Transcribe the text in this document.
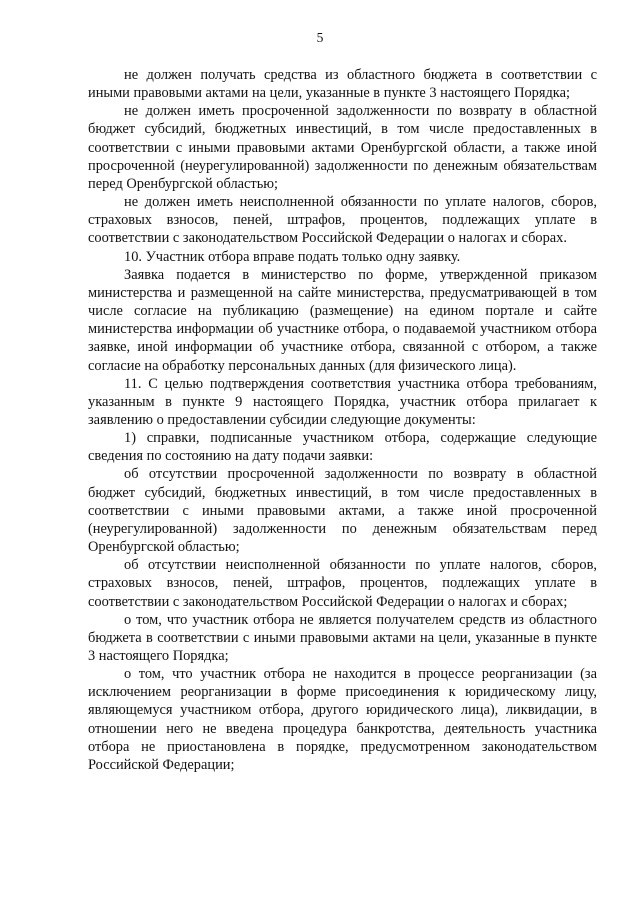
5

не должен получать средства из областного бюджета в соответствии с иными правовыми актами на цели, указанные в пункте 3 настоящего Порядка;

не должен иметь просроченной задолженности по возврату в областной бюджет субсидий, бюджетных инвестиций, в том числе предоставленных в соответствии с иными правовыми актами Оренбургской области, а также иной просроченной (неурегулированной) задолженности по денежным обязательствам перед Оренбургской областью;

не должен иметь неисполненной обязанности по уплате налогов, сборов, страховых взносов, пеней, штрафов, процентов, подлежащих уплате в соответствии с законодательством Российской Федерации о налогах и сборах.

10. Участник отбора вправе подать только одну заявку.

Заявка подается в министерство по форме, утвержденной приказом министерства и размещенной на сайте министерства, предусматривающей в том числе согласие на публикацию (размещение) на едином портале и сайте министерства информации об участнике отбора, о подаваемой участником отбора заявке, иной информации об участнике отбора, связанной с отбором, а также согласие на обработку персональных данных (для физического лица).

11. С целью подтверждения соответствия участника отбора требованиям, указанным в пункте 9 настоящего Порядка, участник отбора прилагает к заявлению о предоставлении субсидии следующие документы:

1) справки, подписанные участником отбора, содержащие следующие сведения по состоянию на дату подачи заявки:

об отсутствии просроченной задолженности по возврату в областной бюджет субсидий, бюджетных инвестиций, в том числе предоставленных в соответствии с иными правовыми актами, а также иной просроченной (неурегулированной) задолженности по денежным обязательствам перед Оренбургской областью;

об отсутствии неисполненной обязанности по уплате налогов, сборов, страховых взносов, пеней, штрафов, процентов, подлежащих уплате в соответствии с законодательством Российской Федерации о налогах и сборах;

о том, что участник отбора не является получателем средств из областного бюджета в соответствии с иными правовыми актами на цели, указанные в пункте 3 настоящего Порядка;

о том, что участник отбора не находится в процессе реорганизации (за исключением реорганизации в форме присоединения к юридическому лицу, являющемуся участником отбора, другого юридического лица), ликвидации, в отношении него не введена процедура банкротства, деятельность участника отбора не приостановлена в порядке, предусмотренном законодательством Российской Федерации;
